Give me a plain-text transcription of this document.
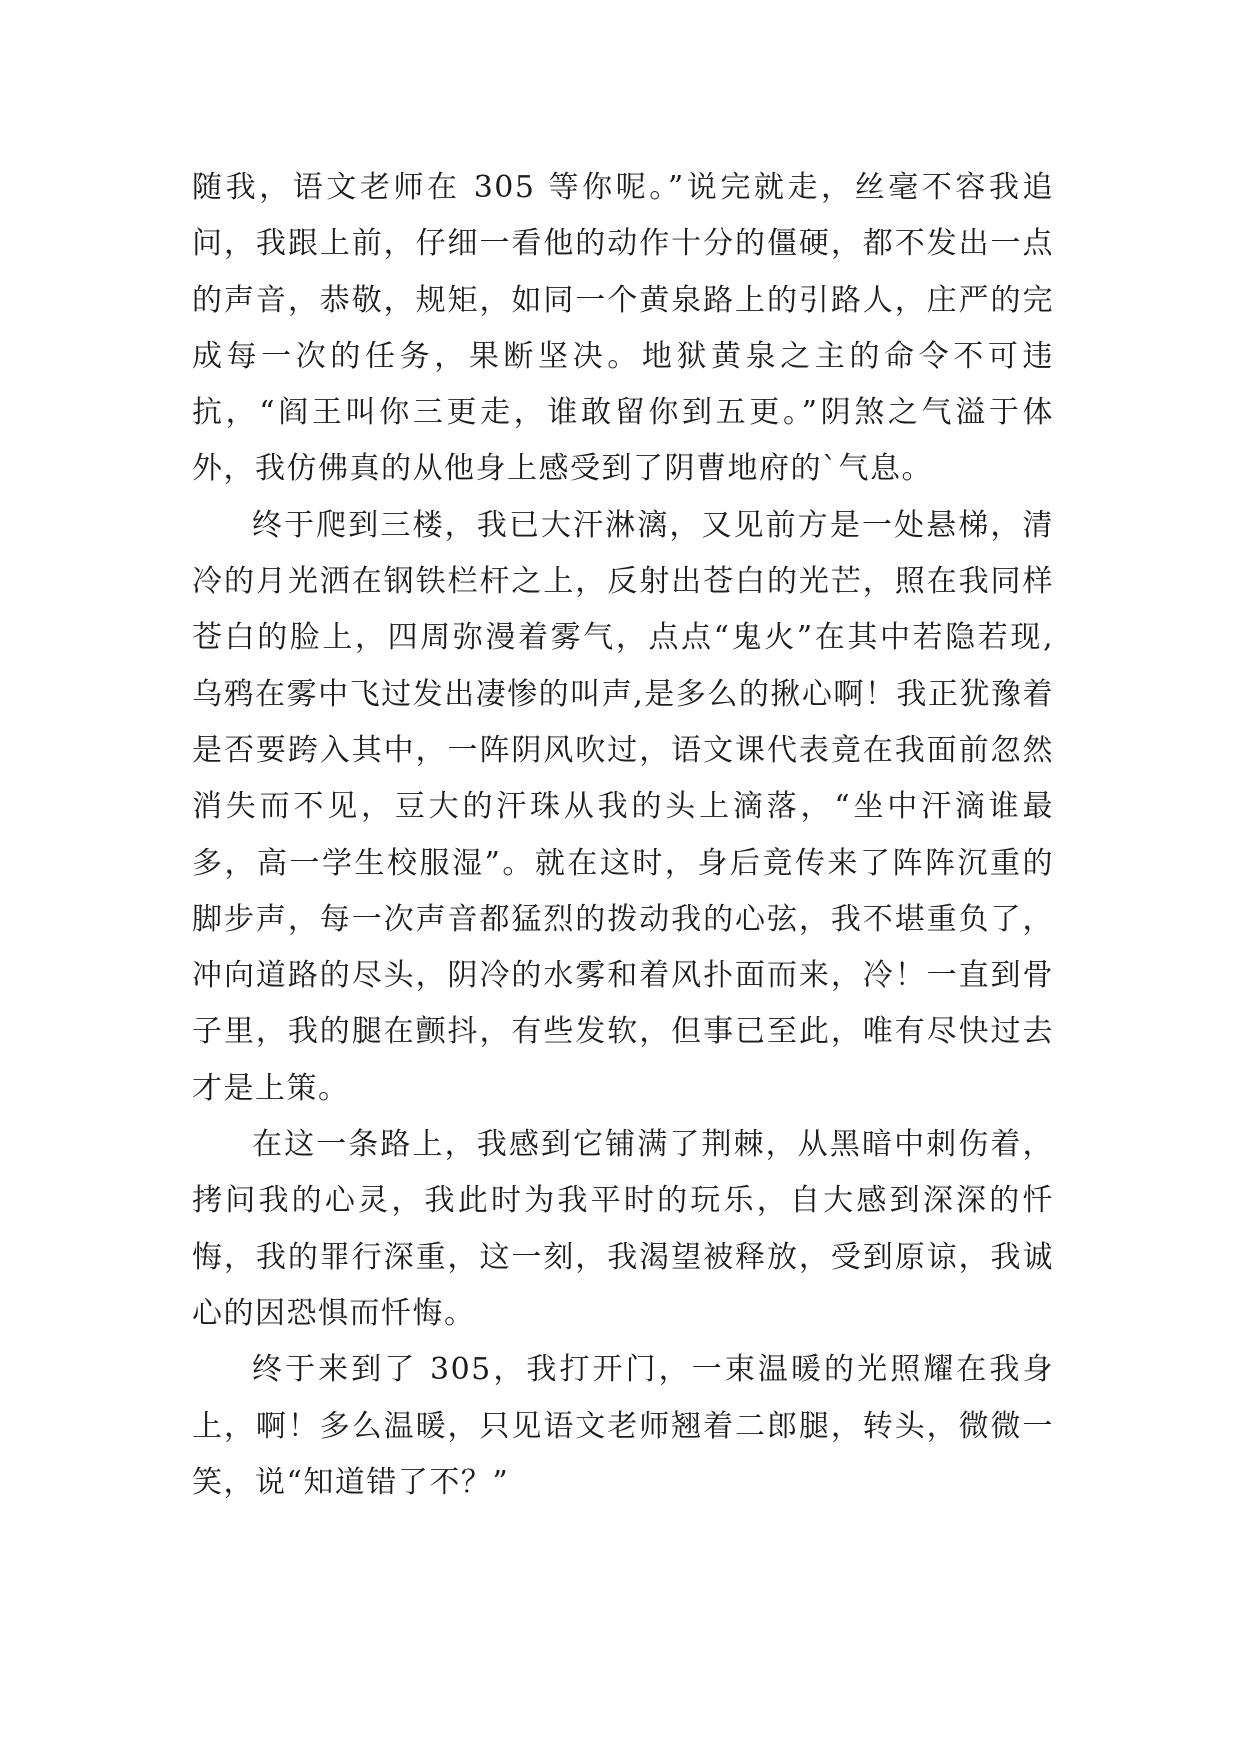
随我，语文老师在 305 等你呢。”说完就走，丝毫不容我追问，我跟上前，仔细一看他的动作十分的僵硬，都不发出一点的声音，恭敬，规矩，如同一个黄泉路上的引路人，庄严的完成每一次的任务，果断坚决。地狱黄泉之主的命令不可违抗，“阎王叫你三更走，谁敢留你到五更。”阴煞之气溢于体外，我仿佛真的从他身上感受到了阴曹地府的`气息。

终于爬到三楼，我已大汗淋漓，又见前方是一处悬梯，清冷的月光洒在钢铁栏杆之上，反射出苍白的光芒，照在我同样苍白的脸上，四周弥漫着雾气，点点“鬼火”在其中若隐若现,乌鸦在雾中飞过发出凄惨的叫声,是多么的揪心啊！我正犹豫着是否要跨入其中，一阵阴风吹过，语文课代表竟在我面前忽然消失而不见，豆大的汗珠从我的头上滴落，“坐中汗滴谁最多，高一学生校服湿”。就在这时，身后竟传来了阵阵沉重的脚步声，每一次声音都猛烈的拨动我的心弦，我不堪重负了，冲向道路的尽头，阴冷的水雾和着风扑面而来，冷！一直到骨子里，我的腿在颤抖，有些发软，但事已至此，唯有尽快过去才是上策。

在这一条路上，我感到它铺满了荆棘，从黑暗中刺伤着，拷问我的心灵，我此时为我平时的玩乐，自大感到深深的忏悔，我的罪行深重，这一刻，我渴望被释放，受到原谅，我诚心的因恐惧而忏悔。

终于来到了 305，我打开门，一束温暖的光照耀在我身上，啊！多么温暖，只见语文老师翘着二郎腿，转头，微微一笑，说“知道错了不？”
